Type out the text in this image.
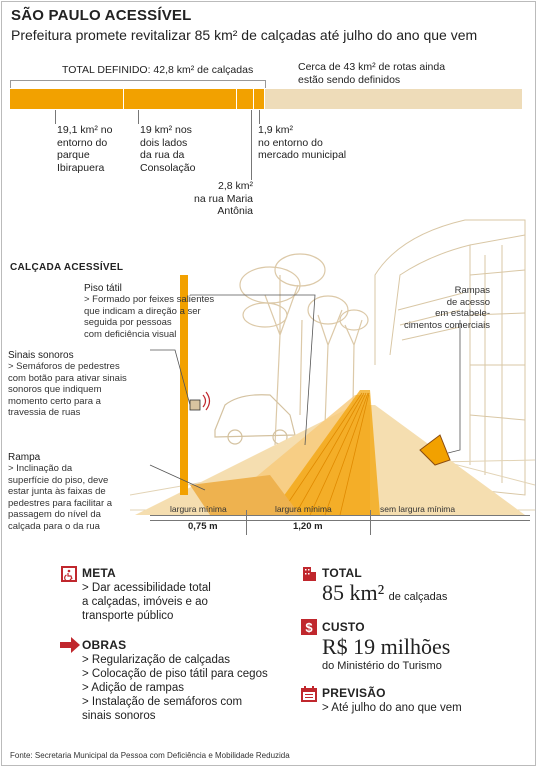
SÃO PAULO ACESSÍVEL
Prefeitura promete revitalizar 85 km² de calçadas até julho do ano que vem
TOTAL DEFINIDO: 42,8 km² de calçadas	Cerca de 43 km² de rotas ainda
estão sendo definidos
19,1 km² no
entorno do
parque
Ibirapuera
19 km² nos
dois lados
da rua da
Consolação
2,8 km²
na rua Maria
Antônia
1,9 km²
no entorno do
mercado municipal
CALÇADA ACESSÍVEL
Piso tátil
> Formado por feixes salientes
que indicam a direção a ser
seguida por pessoas
com deficiência visual
Sinais sonoros
> Semáforos de pedestres
com botão para ativar sinais
sonoros que indiquem
momento certo para a
travessia de ruas
Rampa
> Inclinação da
superfície do piso, deve
estar junta às faixas de
pedestres para facilitar a
passagem do nível da
calçada para o da rua
Rampas
de acesso
em estabele-
cimentos comerciais
largura mínima	largura mínima	sem largura mínima
0,75 m	1,20 m
META
> Dar acessibilidade total
a calçadas, imóveis e ao
transporte público
OBRAS
> Regularização de calçadas
> Colocação de piso tátil para cegos
> Adição de rampas
> Instalação de semáforos com
sinais sonoros
TOTAL
85 km² de calçadas
$ CUSTO
R$ 19 milhões
do Ministério do Turismo
PREVISÃO
> Até julho do ano que vem
Fonte: Secretaria Municipal da Pessoa com Deficiência e Mobilidade Reduzida
